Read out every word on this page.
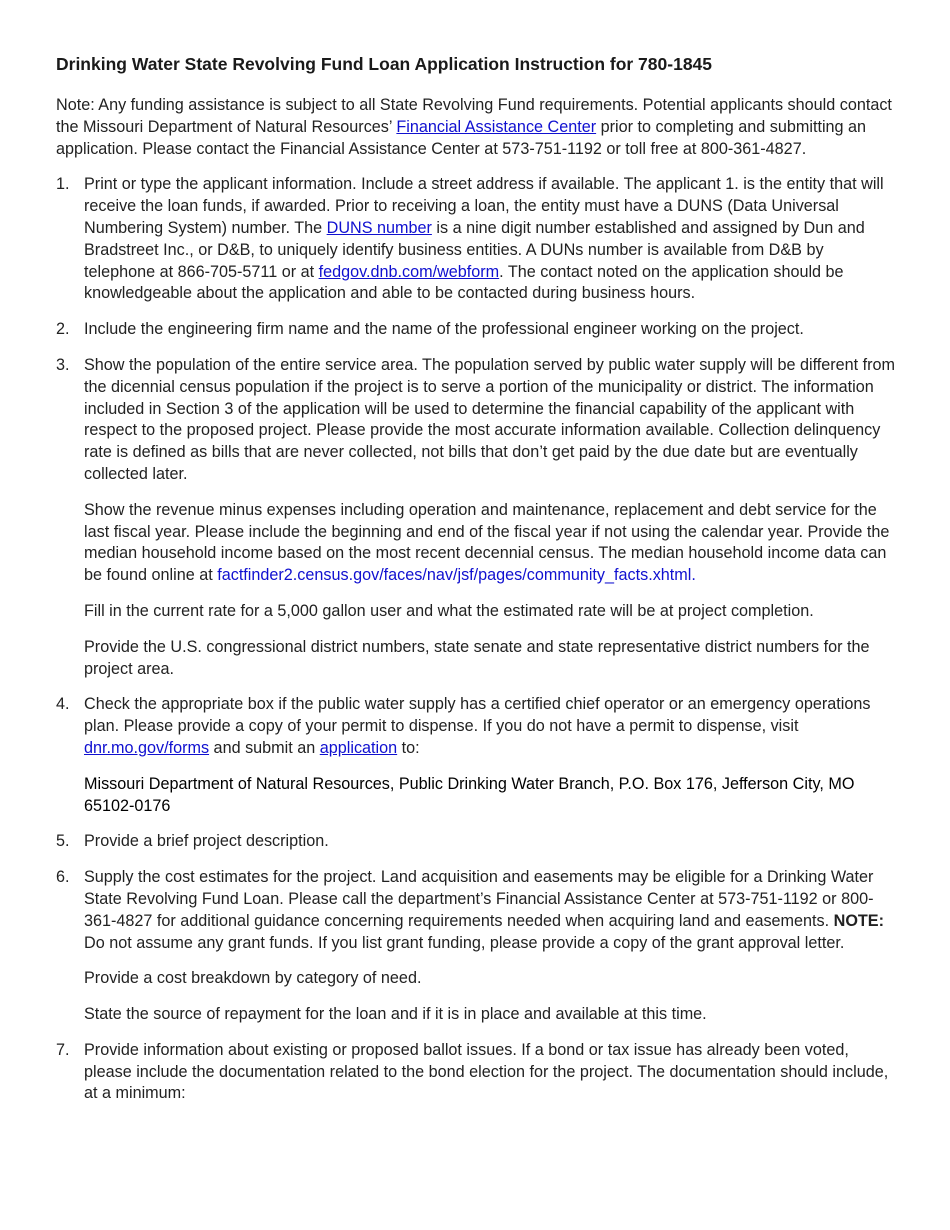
Drinking Water State Revolving Fund Loan Application Instruction for 780-1845

Note: Any funding assistance is subject to all State Revolving Fund requirements. Potential applicants should contact the Missouri Department of Natural Resources’ Financial Assistance Center prior to completing and submitting an application. Please contact the Financial Assistance Center at 573-751-1192 or toll free at 800-361-4827.

1. Print or type the applicant information. Include a street address if available. The applicant 1. is the entity that will receive the loan funds, if awarded. Prior to receiving a loan, the entity must have a DUNS (Data Universal Numbering System) number. The DUNS number is a nine digit number established and assigned by Dun and Bradstreet Inc., or D&B, to uniquely identify business entities. A DUNs number is available from D&B by telephone at 866-705-5711 or at fedgov.dnb.com/webform. The contact noted on the application should be knowledgeable about the application and able to be contacted during business hours.

2. Include the engineering firm name and the name of the professional engineer working on the project.

3. Show the population of the entire service area. The population served by public water supply will be different from the dicennial census population if the project is to serve a portion of the municipality or district. The information included in Section 3 of the application will be used to determine the financial capability of the applicant with respect to the proposed project. Please provide the most accurate information available. Collection delinquency rate is defined as bills that are never collected, not bills that don’t get paid by the due date but are eventually collected later.

Show the revenue minus expenses including operation and maintenance, replacement and debt service for the last fiscal year. Please include the beginning and end of the fiscal year if not using the calendar year. Provide the median household income based on the most recent decennial census. The median household income data can be found online at factfinder2.census.gov/faces/nav/jsf/pages/community_facts.xhtml.

Fill in the current rate for a 5,000 gallon user and what the estimated rate will be at project completion.

Provide the U.S. congressional district numbers, state senate and state representative district numbers for the project area.

4. Check the appropriate box if the public water supply has a certified chief operator or an emergency operations plan. Please provide a copy of your permit to dispense. If you do not have a permit to dispense, visit dnr.mo.gov/forms and submit an application to:

Missouri Department of Natural Resources, Public Drinking Water Branch, P.O. Box 176, Jefferson City, MO 65102-0176

5. Provide a brief project description.

6. Supply the cost estimates for the project. Land acquisition and easements may be eligible for a Drinking Water State Revolving Fund Loan. Please call the department’s Financial Assistance Center at 573-751-1192 or 800-361-4827 for additional guidance concerning requirements needed when acquiring land and easements. NOTE: Do not assume any grant funds. If you list grant funding, please provide a copy of the grant approval letter.

Provide a cost breakdown by category of need.

State the source of repayment for the loan and if it is in place and available at this time.

7. Provide information about existing or proposed ballot issues. If a bond or tax issue has already been voted, please include the documentation related to the bond election for the project. The documentation should include, at a minimum:
